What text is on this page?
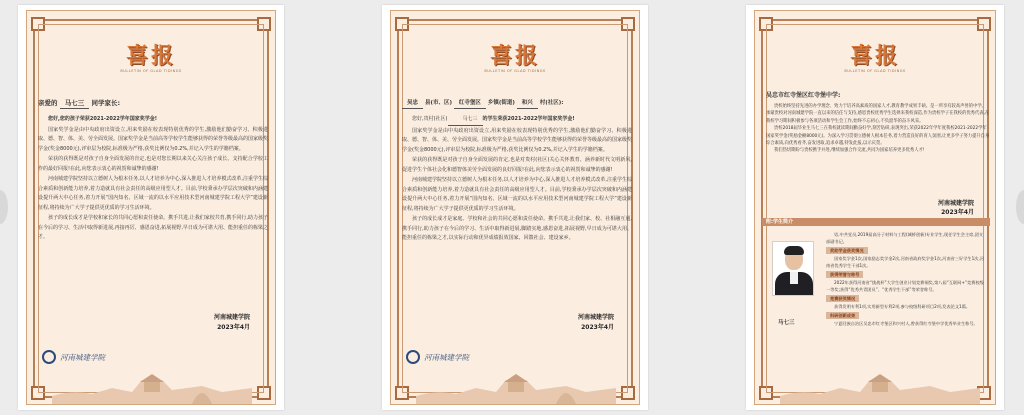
喜报
BULLETIN OF GLAD TIDINGS
亲爱的 马七三 同学家长:

您好,您的孩子荣获2021-2022学年国家奖学金!

国家奖学金是由中央政府出资设立,用来奖励在校表现特别优秀的学生,激励他们勤奋学习、积极进取、德、智、体、美、劳全面发展。国家奖学金是当前高等学校学生能够获得的荣誉等级最高的国家级奖学金(奖金8000元),评审层为校院,标准极为严格,获奖比例仅为0.2%,并记入学生的学籍档案。

荣获的获得既是对孩子自身全面发展的肯定,也是对您长期以来关心关注孩子成长、支持配合学校工作的最好回报!在此,向您表示衷心的祝贺和诚挚的感谢!

河南城建学院坚持以立德树人为根本任务,以人才培养为中心,深入推进人才培养模式改革,注重学生综合素质和创新能力培养,着力造就具有社会责任的高级应用型人才。目前,学校秉承办学层次突破和内涵建设提升两大中心任务,着力开展“国内知名、区域一流的以水平应用技术型河南城建学院工程大学”建设新征程,将持续为广大学子提供更优质的学习生活环境。

孩子的成长成才是学校和家长的共同心愿和责任使命。携手共进,让我们家校共育,携手同行,助力孩子在今后的学习、生活中取得新进展,再接再厉、感恩奋进,拓展视野,早日成为可堪大用、能担重任的栋梁之才。

河南城建学院
2023年4月
河南城建学院
喜报
BULLETIN OF GLAD TIDINGS
吴忠 县(市、区) 红寺堡区 乡镇(街道) 和兴 村(社区):

您好,贵村(社区)	马七三 的学生荣获2021-2022学年国家奖学金!

国家奖学金是由中央政府出资设立,用来奖励在校表现特别优秀的学生,激励他们勤奋学习、积极进取、德、智、体、美、劳全面发展。国家奖学金是当前高等学校学生能够获得的荣誉等级最高的国家级奖学金(奖金8000元),评审层为校院,标准极为严格,获奖比例仅为0.2%,并记入学生的学籍档案。

荣获的获得既是对孩子自身全面发展的肯定,也是对贵村(社区)关心关怀教育、涵养新时代文明新风,促进学生个体社会化和德智体美劳全面发展的良好回报!在此,向您表示衷心的祝贺和诚挚的感谢!

河南城建学院坚持以立德树人为根本任务,以人才培养为中心,深入推进人才培养模式改革,注重学生综合素质和创新能力培养,着力造就具有社会责任的高级应用型人才。目前,学校秉承办学层次突破和内涵建设提升两大中心任务,着力开展“国内知名、区域一流的以水平应用技术型河南城建学院工程大学”建设新征程,将持续为广大学子提供更优质的学习生活环境。

孩子的成长成才是家庭、学校和社会的共同心愿和责任使命。携手共进,让我们家、校、社相融互通,携手同行,助力孩子在今后的学习、生活中取得新进展,脚踏实地,感恩奋进,拓展视野,早日成为可堪大用、能担重任的栋梁之才,以实际行动和优异成绩报效国家、回馈社会、建设家乡。

河南城建学院
2023年4月
河南城建学院
喜报
BULLETIN OF GLAD TIDINGS
吴忠市红寺堡区红寺堡中学:

贵校始终坚持先进的办学理念、致力于培养高素质的国家人才,教育教学成果丰硕。是一所享有较高声誉的中学。承蒙贵校对河南城建学院一直以来的信任与支持,感恩贵校优秀学生选择来我校深造,作为贵校学子在我校的优秀代表,在我校学习期间积极参与各项活动和学生会工作,始终不忘初心,不负韶华的奋斗风采。

贵校2018届毕业生马七三在我校就读期间勤奋好学,刻苦钻研,表现突出,荣获2022年学年度我校2021-2022学年国家奖学金(奖励金额8000元)。为深入学习贯彻立德树人根本任务,着力营造良好的育人氛围,让更多学子努力提升自身综合素质,向优秀看齐,奋发进取,追求卓越,特发此报,以示庆贺。

我们热切期盼与贵校携手并进,继续加强合作交流,共同为国家培养更多优秀人才!

河南城建学院
2023年4月
附:学生简介
马七三

男,中共党员,2019届高分子材料与工程(城桥创新)专业学生,现任学生会主席,团支部副书记。

奖助学金获奖情况

国家奖学金1次,国家励志奖学金2次,河南省政府奖学金1次,河南省三好学生1次,河南省优秀学生干部1次。

获得荣誉与称号

2022年获得河南省“挑战杯”大学生创业计划竞赛铜奖,第八届“互联网+”竞赛校级一等奖;获得“优秀共青团员”、“优秀学生干部”等荣誉称号。

竞赛获奖情况

获得发明专利1项,实用新型专利2项,参与校级科研项目2项,发表论文1篇。

科研创新成果

宁夏回族自治区吴忠市红寺堡区和兴村人,曾获得红寺堡中学优秀毕业生称号。
